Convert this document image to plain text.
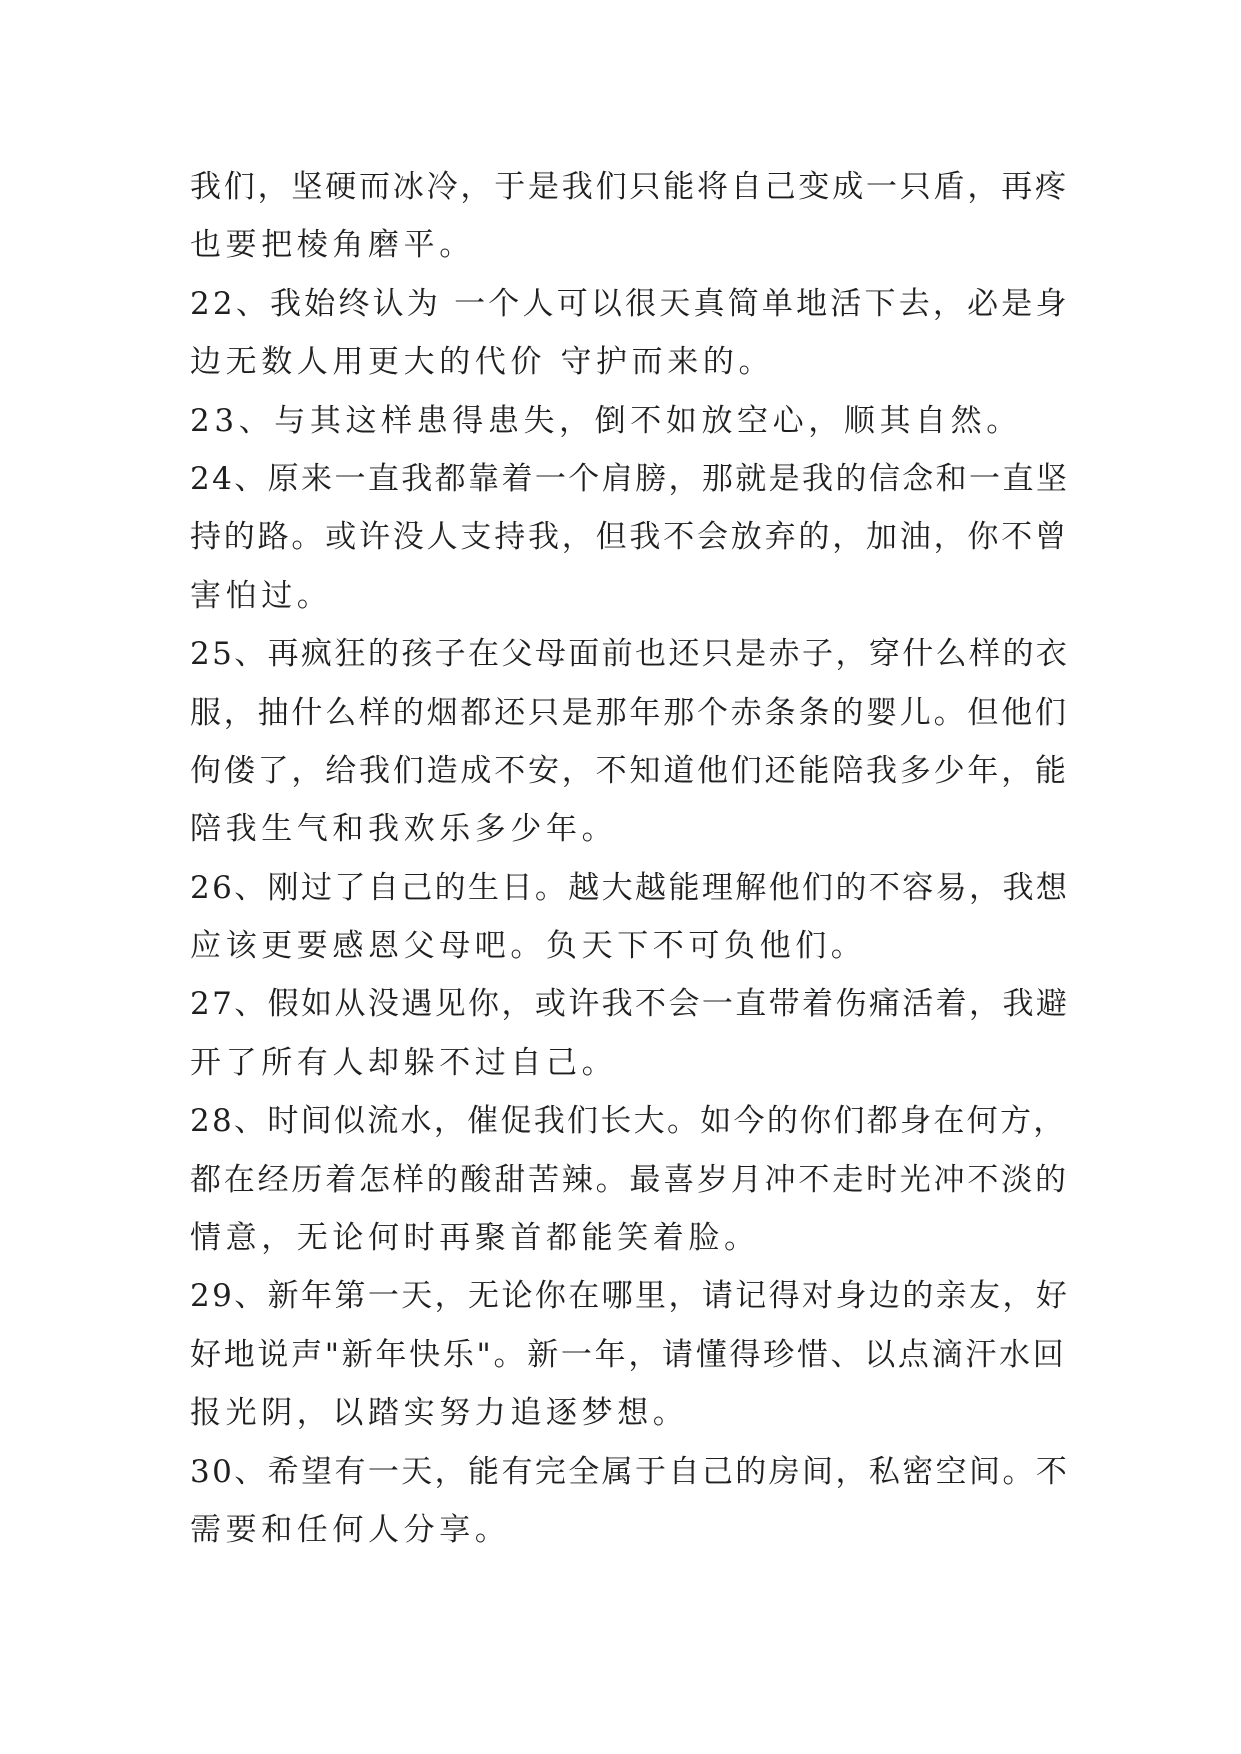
我们，坚硬而冰冷，于是我们只能将自己变成一只盾，再疼
也要把棱角磨平。
22、我始终认为 一个人可以很天真简单地活下去，必是身
边无数人用更大的代价 守护而来的。
23、与其这样患得患失，倒不如放空心，顺其自然。
24、原来一直我都靠着一个肩膀，那就是我的信念和一直坚
持的路。或许没人支持我，但我不会放弃的，加油，你不曾
害怕过。
25、再疯狂的孩子在父母面前也还只是赤子，穿什么样的衣
服，抽什么样的烟都还只是那年那个赤条条的婴儿。但他们
佝偻了，给我们造成不安，不知道他们还能陪我多少年，能
陪我生气和我欢乐多少年。
26、刚过了自己的生日。越大越能理解他们的不容易，我想
应该更要感恩父母吧。负天下不可负他们。
27、假如从没遇见你，或许我不会一直带着伤痛活着，我避
开了所有人却躲不过自己。
28、时间似流水，催促我们长大。如今的你们都身在何方，
都在经历着怎样的酸甜苦辣。最喜岁月冲不走时光冲不淡的
情意，无论何时再聚首都能笑着脸。
29、新年第一天，无论你在哪里，请记得对身边的亲友，好
好地说声"新年快乐"。新一年，请懂得珍惜、以点滴汗水回
报光阴，以踏实努力追逐梦想。
30、希望有一天，能有完全属于自己的房间，私密空间。不
需要和任何人分享。
